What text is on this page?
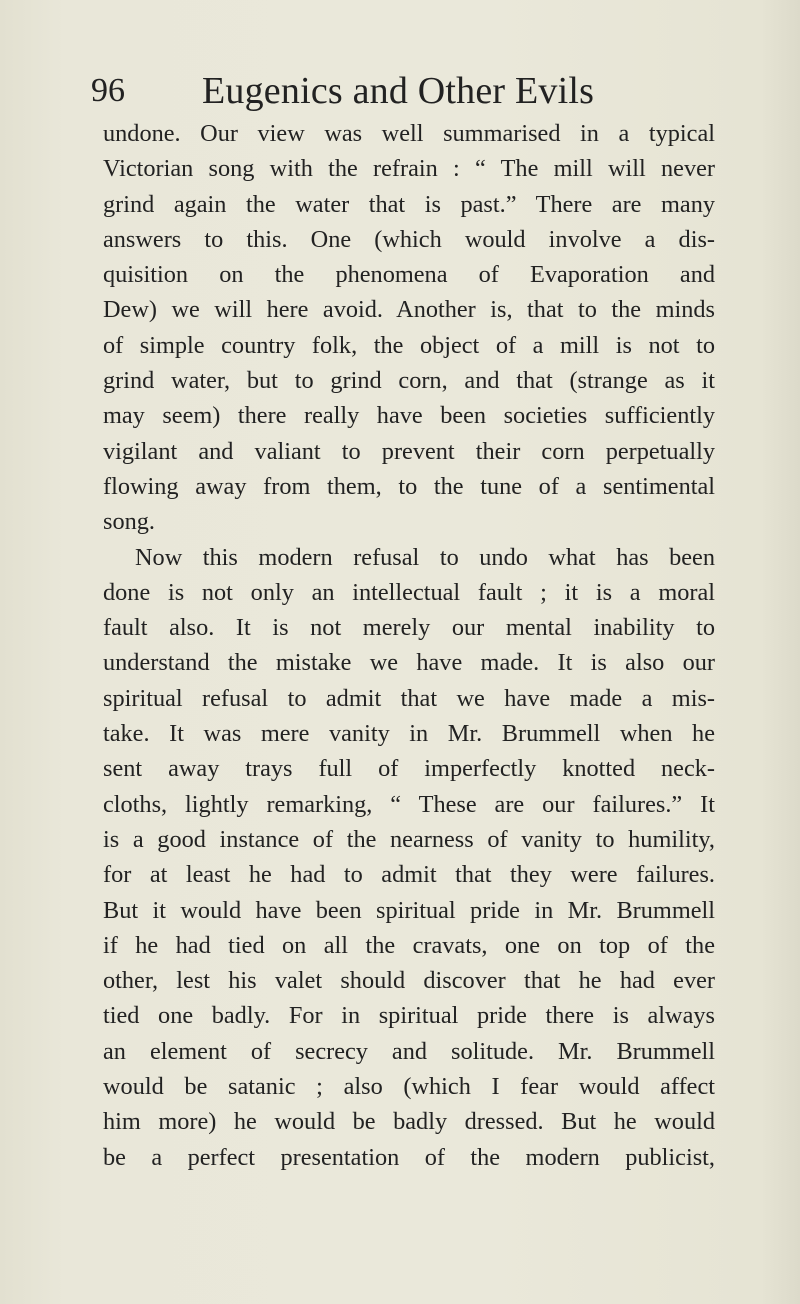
96 Eugenics and Other Evils
undone. Our view was well summarised in a typical
Victorian song with the refrain : “ The mill will never
grind again the water that is past.” There are many
answers to this. One (which would involve a dis-
quisition on the phenomena of Evaporation and
Dew) we will here avoid. Another is, that to the minds
of simple country folk, the object of a mill is not to
grind water, but to grind corn, and that (strange as it
may seem) there really have been societies sufficiently
vigilant and valiant to prevent their corn perpetually
flowing away from them, to the tune of a sentimental
song.
Now this modern refusal to undo what has been
done is not only an intellectual fault ; it is a moral
fault also. It is not merely our mental inability to
understand the mistake we have made. It is also our
spiritual refusal to admit that we have made a mis-
take. It was mere vanity in Mr. Brummell when he
sent away trays full of imperfectly knotted neck-
cloths, lightly remarking, “ These are our failures.” It
is a good instance of the nearness of vanity to humility,
for at least he had to admit that they were failures.
But it would have been spiritual pride in Mr. Brummell
if he had tied on all the cravats, one on top of the
other, lest his valet should discover that he had ever
tied one badly. For in spiritual pride there is always
an element of secrecy and solitude. Mr. Brummell
would be satanic ; also (which I fear would affect
him more) he would be badly dressed. But he would
be a perfect presentation of the modern publicist,
